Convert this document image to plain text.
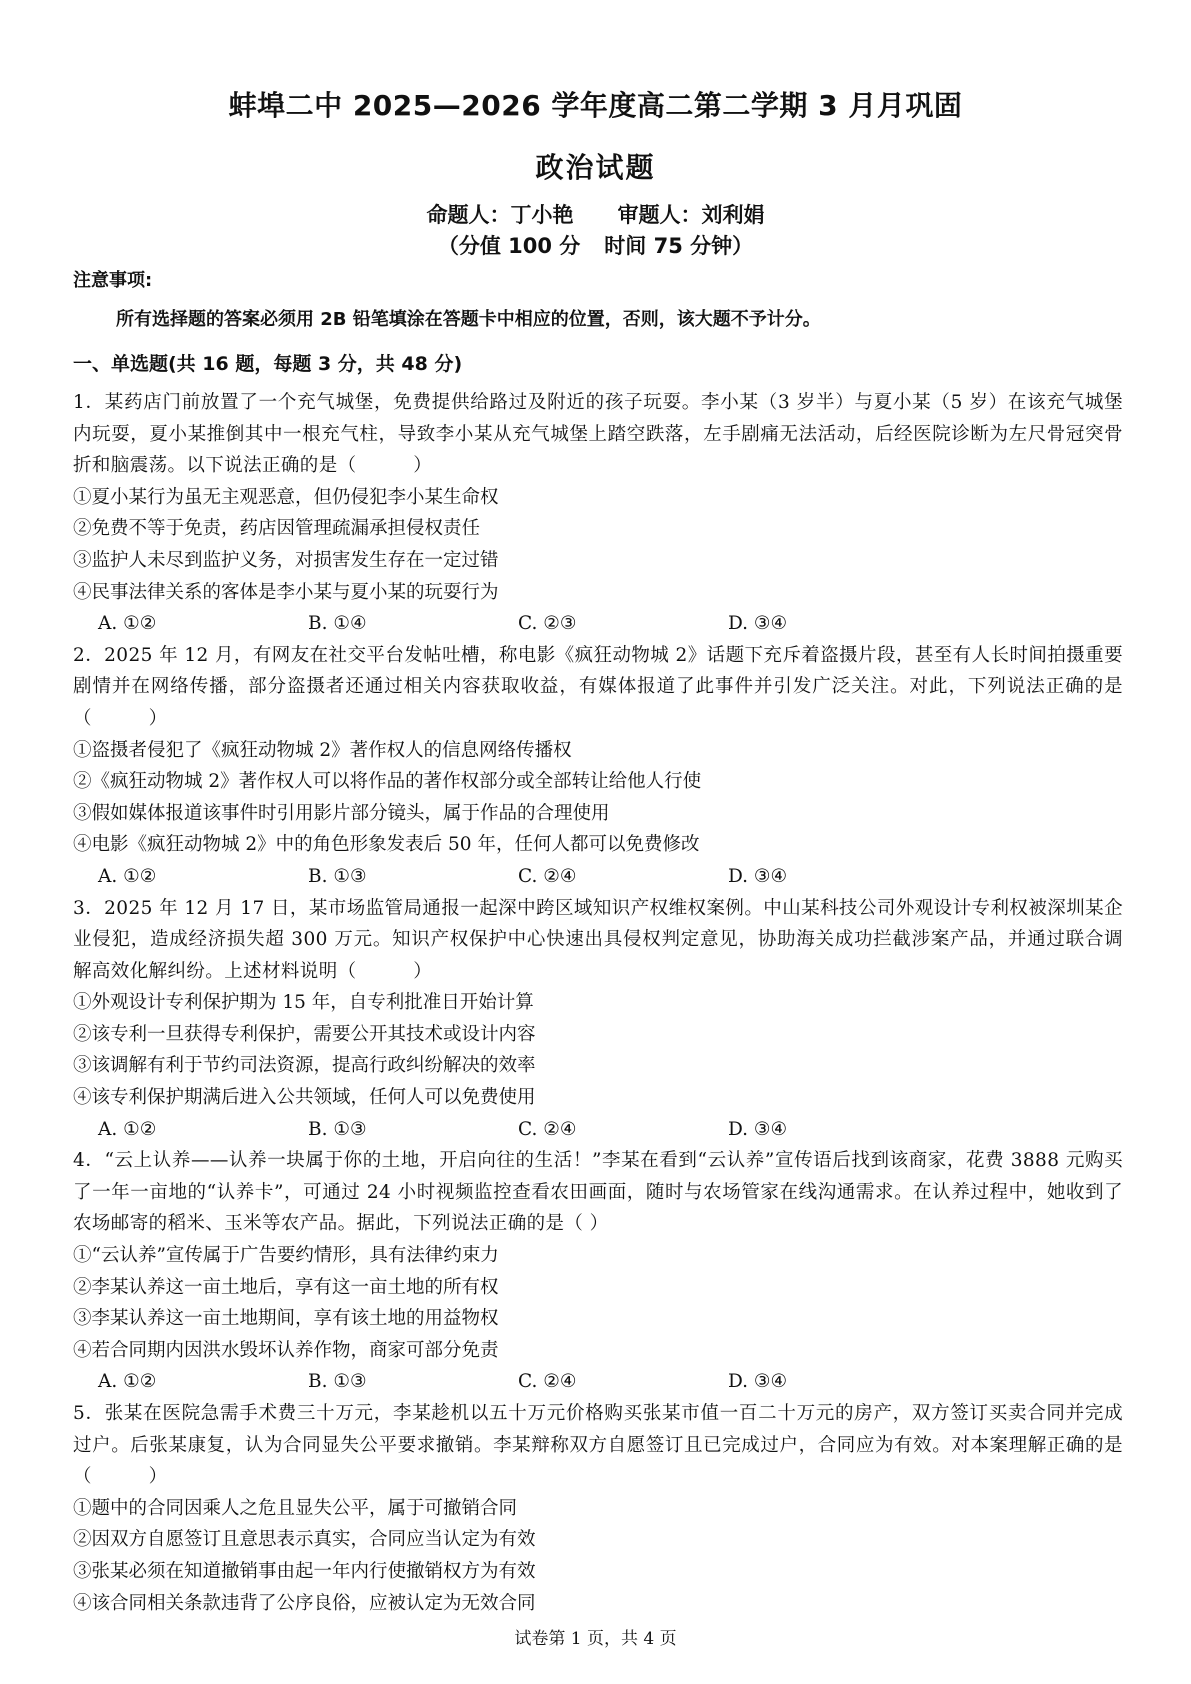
蚌埠二中 2025—2026 学年度高二第二学期 3 月月巩固
政治试题
命题人：丁小艳 审题人：刘利娟
（分值 100 分 时间 75 分钟）
注意事项:
所有选择题的答案必须用 2B 铅笔填涂在答题卡中相应的位置，否则，该大题不予计分。
一、单选题(共 16 题，每题 3 分，共 48 分)

1．某药店门前放置了一个充气城堡，免费提供给路过及附近的孩子玩耍。李小某（3 岁半）与夏小某（5 岁）在该充气城堡内玩耍，夏小某推倒其中一根充气柱，导致李小某从充气城堡上踏空跌落，左手剧痛无法活动，后经医院诊断为左尺骨冠突骨折和脑震荡。以下说法正确的是（　　　）

①夏小某行为虽无主观恶意，但仍侵犯李小某生命权

②免费不等于免责，药店因管理疏漏承担侵权责任

③监护人未尽到监护义务，对损害发生存在一定过错

④民事法律关系的客体是李小某与夏小某的玩耍行为

A. ①②	B. ①④	C. ②③	D. ③④

2．2025 年 12 月，有网友在社交平台发帖吐槽，称电影《疯狂动物城 2》话题下充斥着盗摄片段，甚至有人长时间拍摄重要剧情并在网络传播，部分盗摄者还通过相关内容获取收益，有媒体报道了此事件并引发广泛关注。对此，下列说法正确的是（　　　）

①盗摄者侵犯了《疯狂动物城 2》著作权人的信息网络传播权

②《疯狂动物城 2》著作权人可以将作品的著作权部分或全部转让给他人行使

③假如媒体报道该事件时引用影片部分镜头，属于作品的合理使用

④电影《疯狂动物城 2》中的角色形象发表后 50 年，任何人都可以免费修改

A. ①②	B. ①③	C. ②④	D. ③④

3．2025 年 12 月 17 日，某市场监管局通报一起深中跨区域知识产权维权案例。中山某科技公司外观设计专利权被深圳某企业侵犯，造成经济损失超 300 万元。知识产权保护中心快速出具侵权判定意见，协助海关成功拦截涉案产品，并通过联合调解高效化解纠纷。上述材料说明（　　　）

①外观设计专利保护期为 15 年，自专利批准日开始计算

②该专利一旦获得专利保护，需要公开其技术或设计内容

③该调解有利于节约司法资源，提高行政纠纷解决的效率

④该专利保护期满后进入公共领域，任何人可以免费使用

A. ①②	B. ①③	C. ②④	D. ③④

4．“云上认养——认养一块属于你的土地，开启向往的生活！”李某在看到“云认养”宣传语后找到该商家，花费 3888 元购买了一年一亩地的“认养卡”，可通过 24 小时视频监控查看农田画面，随时与农场管家在线沟通需求。在认养过程中，她收到了农场邮寄的稻米、玉米等农产品。据此，下列说法正确的是（ ）

①“云认养”宣传属于广告要约情形，具有法律约束力

②李某认养这一亩土地后，享有这一亩土地的所有权

③李某认养这一亩土地期间，享有该土地的用益物权

④若合同期内因洪水毁坏认养作物，商家可部分免责

A. ①②	B. ①③	C. ②④	D. ③④

5．张某在医院急需手术费三十万元，李某趁机以五十万元价格购买张某市值一百二十万元的房产，双方签订买卖合同并完成过户。后张某康复，认为合同显失公平要求撤销。李某辩称双方自愿签订且已完成过户，合同应为有效。对本案理解正确的是（　　　）

①题中的合同因乘人之危且显失公平，属于可撤销合同

②因双方自愿签订且意思表示真实，合同应当认定为有效

③张某必须在知道撤销事由起一年内行使撤销权方为有效

④该合同相关条款违背了公序良俗，应被认定为无效合同

试卷第 1 页，共 4 页
